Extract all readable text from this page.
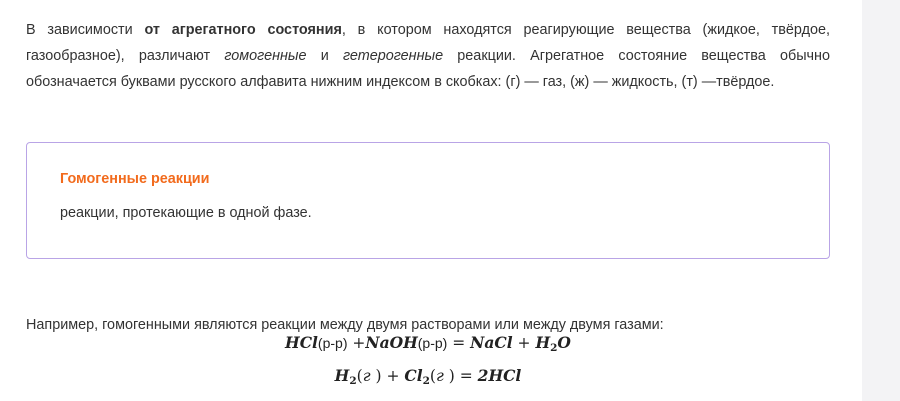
В зависимости от агрегатного состояния, в котором находятся реагирующие вещества (жидкое, твёрдое, газообразное), различают гомогенные и гетерогенные реакции. Агрегатное состояние вещества обычно обозначается буквами русского алфавита нижним индексом в скобках: (г) — газ, (ж) — жидкость, (т) —твёрдое.

Гомогенные реакции
реакции, протекающие в одной фазе.

Например, гомогенными являются реакции между двумя растворами или между двумя газами:

HCl(р-р) +NaOH(р-р) = NaCl + $H_2O$
$H_2(г$ ) + $Cl_2(г$ ) = 2HCl
